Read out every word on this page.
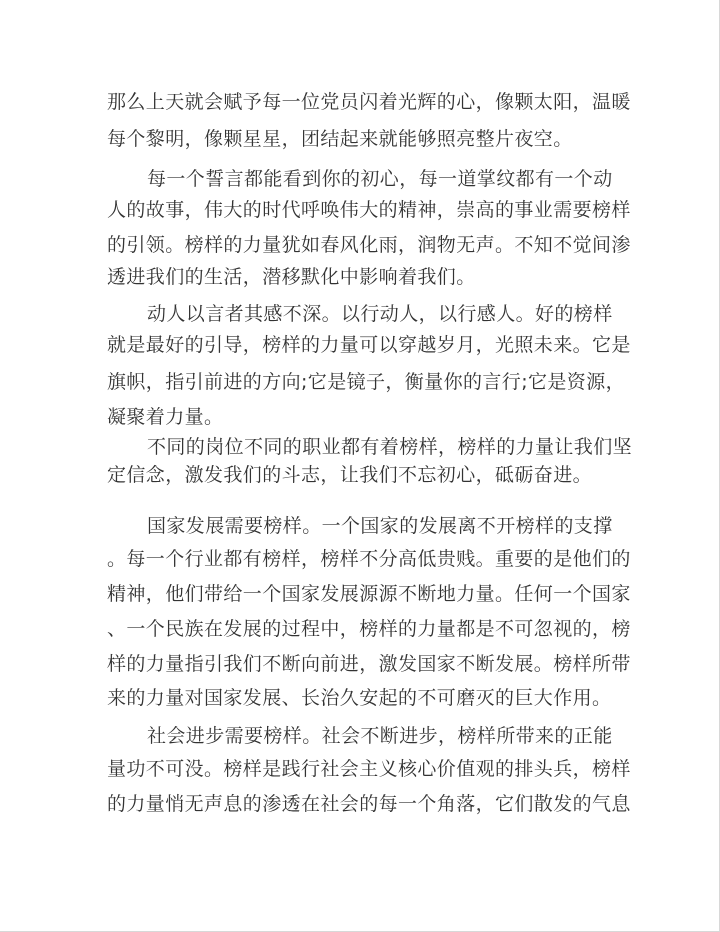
那么上天就会赋予每一位党员闪着光辉的心，像颗太阳，温暖
每个黎明，像颗星星，团结起来就能够照亮整片夜空。
每一个誓言都能看到你的初心，每一道掌纹都有一个动
人的故事，伟大的时代呼唤伟大的精神，崇高的事业需要榜样
的引领。榜样的力量犹如春风化雨，润物无声。不知不觉间渗
透进我们的生活，潜移默化中影响着我们。
动人以言者其感不深。以行动人，以行感人。好的榜样
就是最好的引导，榜样的力量可以穿越岁月，光照未来。它是
旗帜，指引前进的方向;它是镜子，衡量你的言行;它是资源，
凝聚着力量。
不同的岗位不同的职业都有着榜样，榜样的力量让我们坚
定信念，激发我们的斗志，让我们不忘初心，砥砺奋进。
国家发展需要榜样。一个国家的发展离不开榜样的支撑
。每一个行业都有榜样，榜样不分高低贵贱。重要的是他们的
精神，他们带给一个国家发展源源不断地力量。任何一个国家
、一个民族在发展的过程中，榜样的力量都是不可忽视的，榜
样的力量指引我们不断向前进，激发国家不断发展。榜样所带
来的力量对国家发展、长治久安起的不可磨灭的巨大作用。
社会进步需要榜样。社会不断进步，榜样所带来的正能
量功不可没。榜样是践行社会主义核心价值观的排头兵，榜样
的力量悄无声息的渗透在社会的每一个角落，它们散发的气息
